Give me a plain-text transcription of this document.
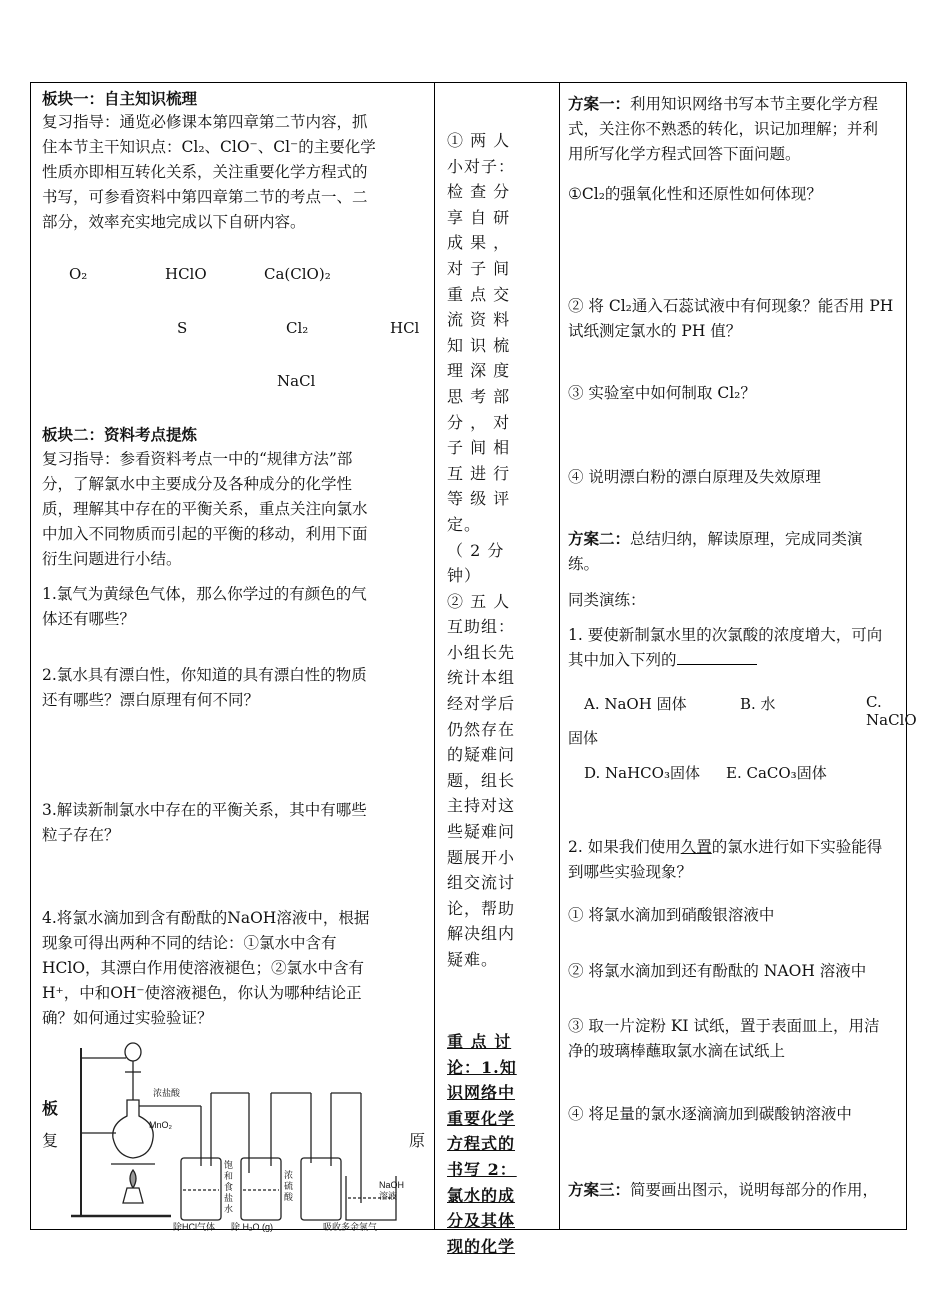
板块一：自主知识梳理
复习指导：通览必修课本第四章第二节内容，抓
住本节主干知识点：Cl₂、ClO⁻、Cl⁻的主要化学
性质亦即相互转化关系，关注重要化学方程式的
书写，可参看资料中第四章第二节的考点一、二
部分，效率充实地完成以下自研内容。
O₂	HClO	Ca(ClO)₂
S	Cl₂	HCl
NaCl
板块二：资料考点提炼
复习指导：参看资料考点一中的“规律方法”部
分，了解氯水中主要成分及各种成分的化学性
质，理解其中存在的平衡关系，重点关注向氯水
中加入不同物质而引起的平衡的移动，利用下面
衍生问题进行小结。
1.氯气为黄绿色气体，那么你学过的有颜色的气
体还有哪些？
2.氯水具有漂白性，你知道的具有漂白性的物质
还有哪些？漂白原理有何不同？
3.解读新制氯水中存在的平衡关系，其中有哪些
粒子存在？
4.将氯水滴加到含有酚酞的NaOH溶液中，根据
现象可得出两种不同的结论：①氯水中含有
HClO，其漂白作用使溶液褪色；②氯水中含有
H⁺，中和OH⁻使溶液褪色，你认为哪种结论正
确？如何通过实验验证？
板
复	原
浓盐酸
MnO₂
饱
和
食
盐
水
浓
硫
酸
NaOH
溶液
除HCl气体 除 H₂O (g)	吸收多余氯气
① 两 人
小对子：
检 查 分
享 自 研
成 果 ，
对 子 间
重 点 交
流 资 料
知 识 梳
理 深 度
思 考 部
分 ， 对
子 间 相
互 进 行
等 级 评
定。
（ 2 分
钟）
② 五 人
互助组：
小组长先
统计本组
经对学后
仍然存在
的疑难问
题，组长
主持对这
些疑难问
题展开小
组交流讨
论，帮助
解决组内
疑难。
重 点 讨
论：1.知
识网络中
重要化学
方程式的
书写 2：
氯水的成
分及其体
现的化学
方案一：利用知识网络书写本节主要化学方程
式，关注你不熟悉的转化，识记加理解；并利
用所写化学方程式回答下面问题。
①Cl₂的强氧化性和还原性如何体现？
② 将 Cl₂通入石蕊试液中有何现象？能否用 PH
试纸测定氯水的 PH 值？
③ 实验室中如何制取 Cl₂？
④ 说明漂白粉的漂白原理及失效原理
方案二：总结归纳，解读原理，完成同类演
练。
同类演练：
1. 要使新制氯水里的次氯酸的浓度增大，可向
其中加入下列的
A. NaOH 固体	B. 水	C. NaClO
固体
D. NaHCO₃固体 E. CaCO₃固体
2. 如果我们使用久置的氯水进行如下实验能得
到哪些实验现象？
① 将氯水滴加到硝酸银溶液中
② 将氯水滴加到还有酚酞的 NAOH 溶液中
③ 取一片淀粉 KI 试纸，置于表面皿上，用洁
净的玻璃棒蘸取氯水滴在试纸上
④ 将足量的氯水逐滴滴加到碳酸钠溶液中
方案三：简要画出图示，说明每部分的作用，
